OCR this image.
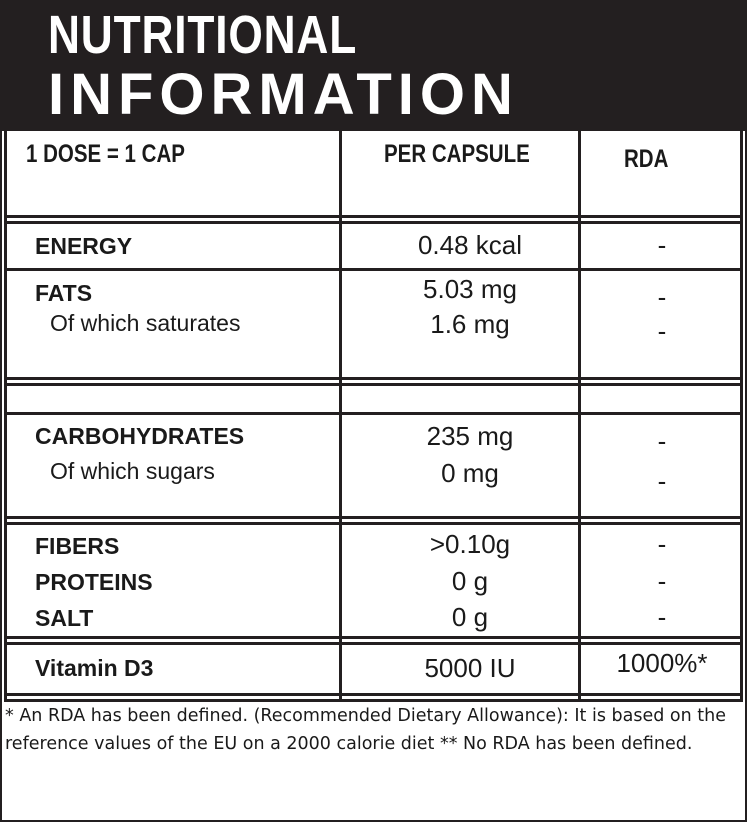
NUTRITIONAL
INFORMATION
1 DOSE = 1 CAP	PER CAPSULE	RDA
ENERGY	0.48 kcal	-
FATS	5.03 mg	-
Of which saturates	1.6 mg	-
CARBOHYDRATES	235 mg	-
Of which sugars	0 mg	-
FIBERS	>0.10g	-
PROTEINS	0 g	-
SALT	0 g	-
Vitamin D3	5000 IU	1000%*
* An RDA has been defined. (Recommended Dietary Allowance): It is based on the reference values of the EU on a 2000 calorie diet ** No RDA has been defined.
